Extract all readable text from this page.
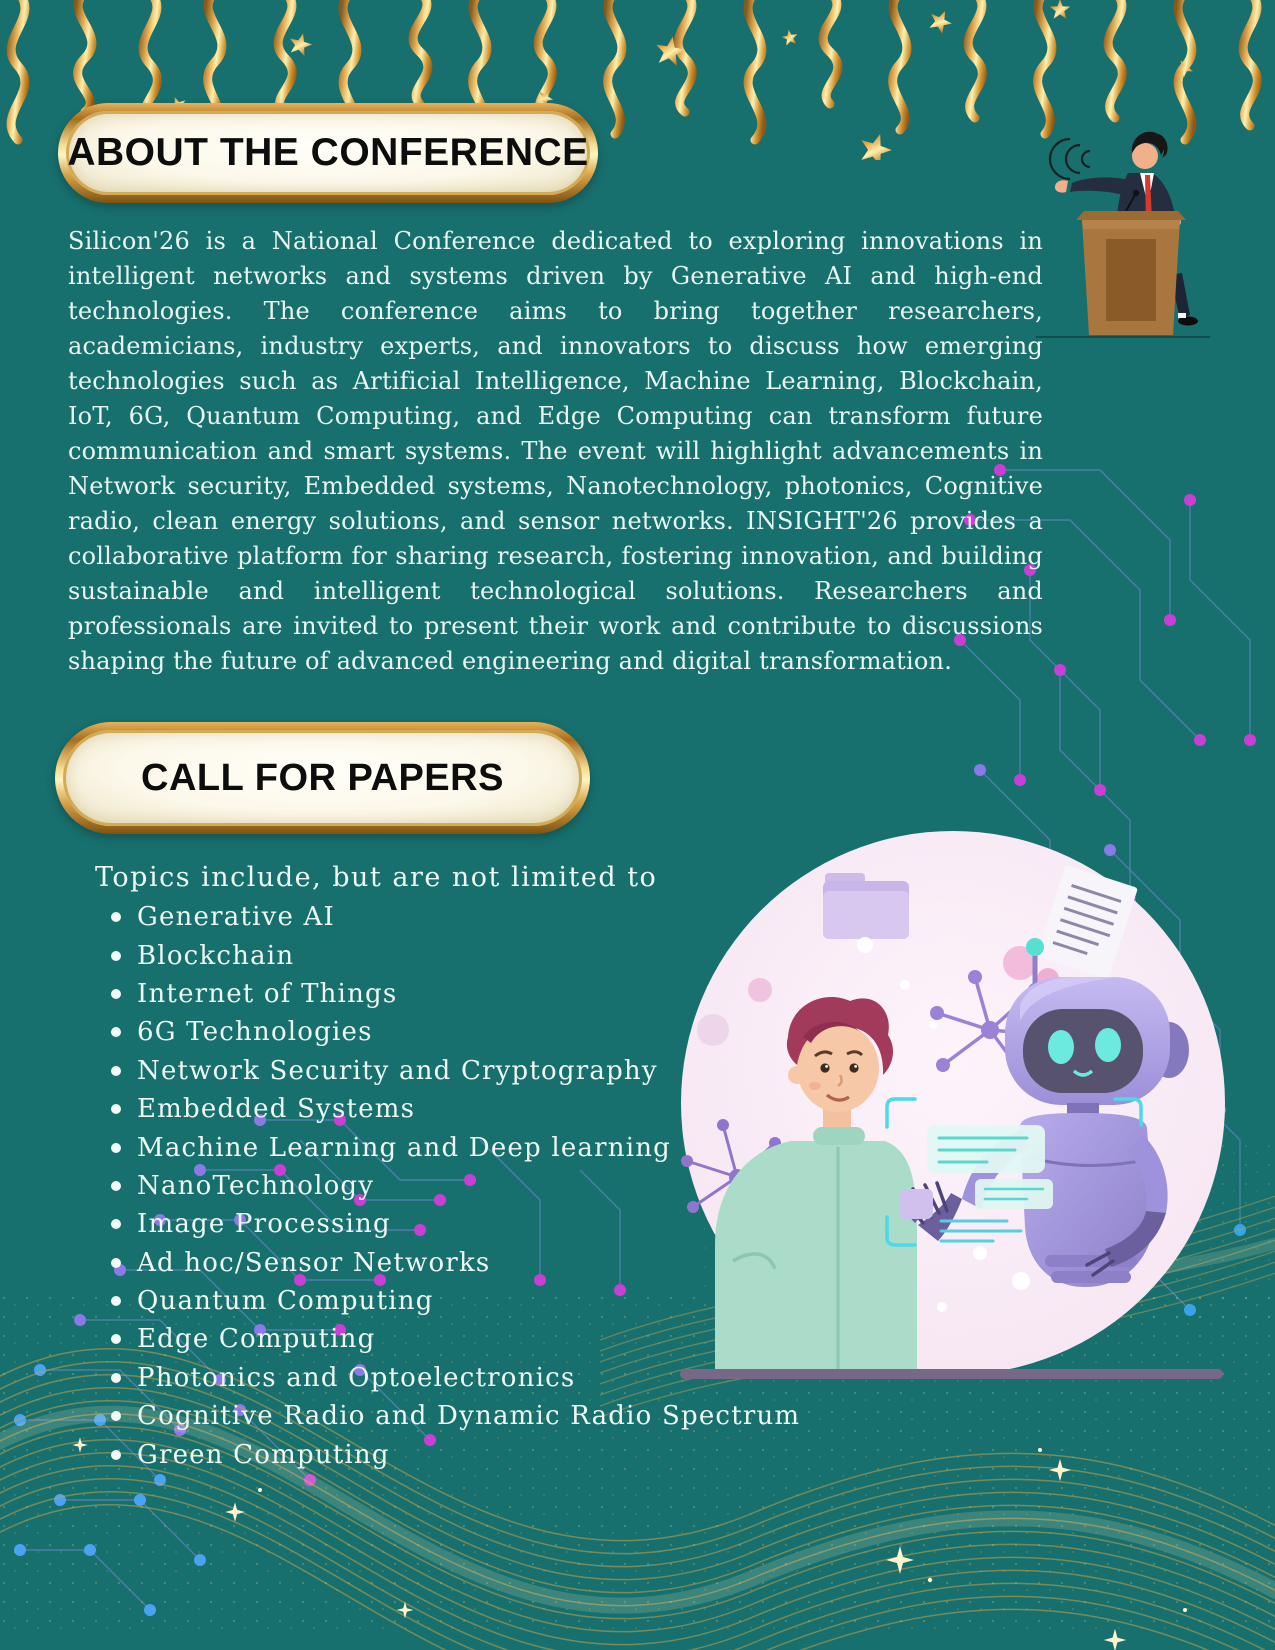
ABOUT THE CONFERENCE

Silicon'26 is a National Conference dedicated to exploring innovations in intelligent networks and systems driven by Generative AI and high-end technologies. The conference aims to bring together researchers, academicians, industry experts, and innovators to discuss how emerging technologies such as Artificial Intelligence, Machine Learning, Blockchain, IoT, 6G, Quantum Computing, and Edge Computing can transform future communication and smart systems. The event will highlight advancements in Network security, Embedded systems, Nanotechnology, photonics, Cognitive radio, clean energy solutions, and sensor networks. INSIGHT'26 provides a collaborative platform for sharing research, fostering innovation, and building sustainable and intelligent technological solutions. Researchers and professionals are invited to present their work and contribute to discussions shaping the future of advanced engineering and digital transformation.

CALL FOR PAPERS
Topics include, but are not limited to
Generative AI
Blockchain
Internet of Things
6G Technologies
Network Security and Cryptography
Embedded Systems
Machine Learning and Deep learning
NanoTechnology
Image Processing
Ad hoc/Sensor Networks
Quantum Computing
Edge Computing
Photonics and Optoelectronics
Cognitive Radio and Dynamic Radio Spectrum
Green Computing
